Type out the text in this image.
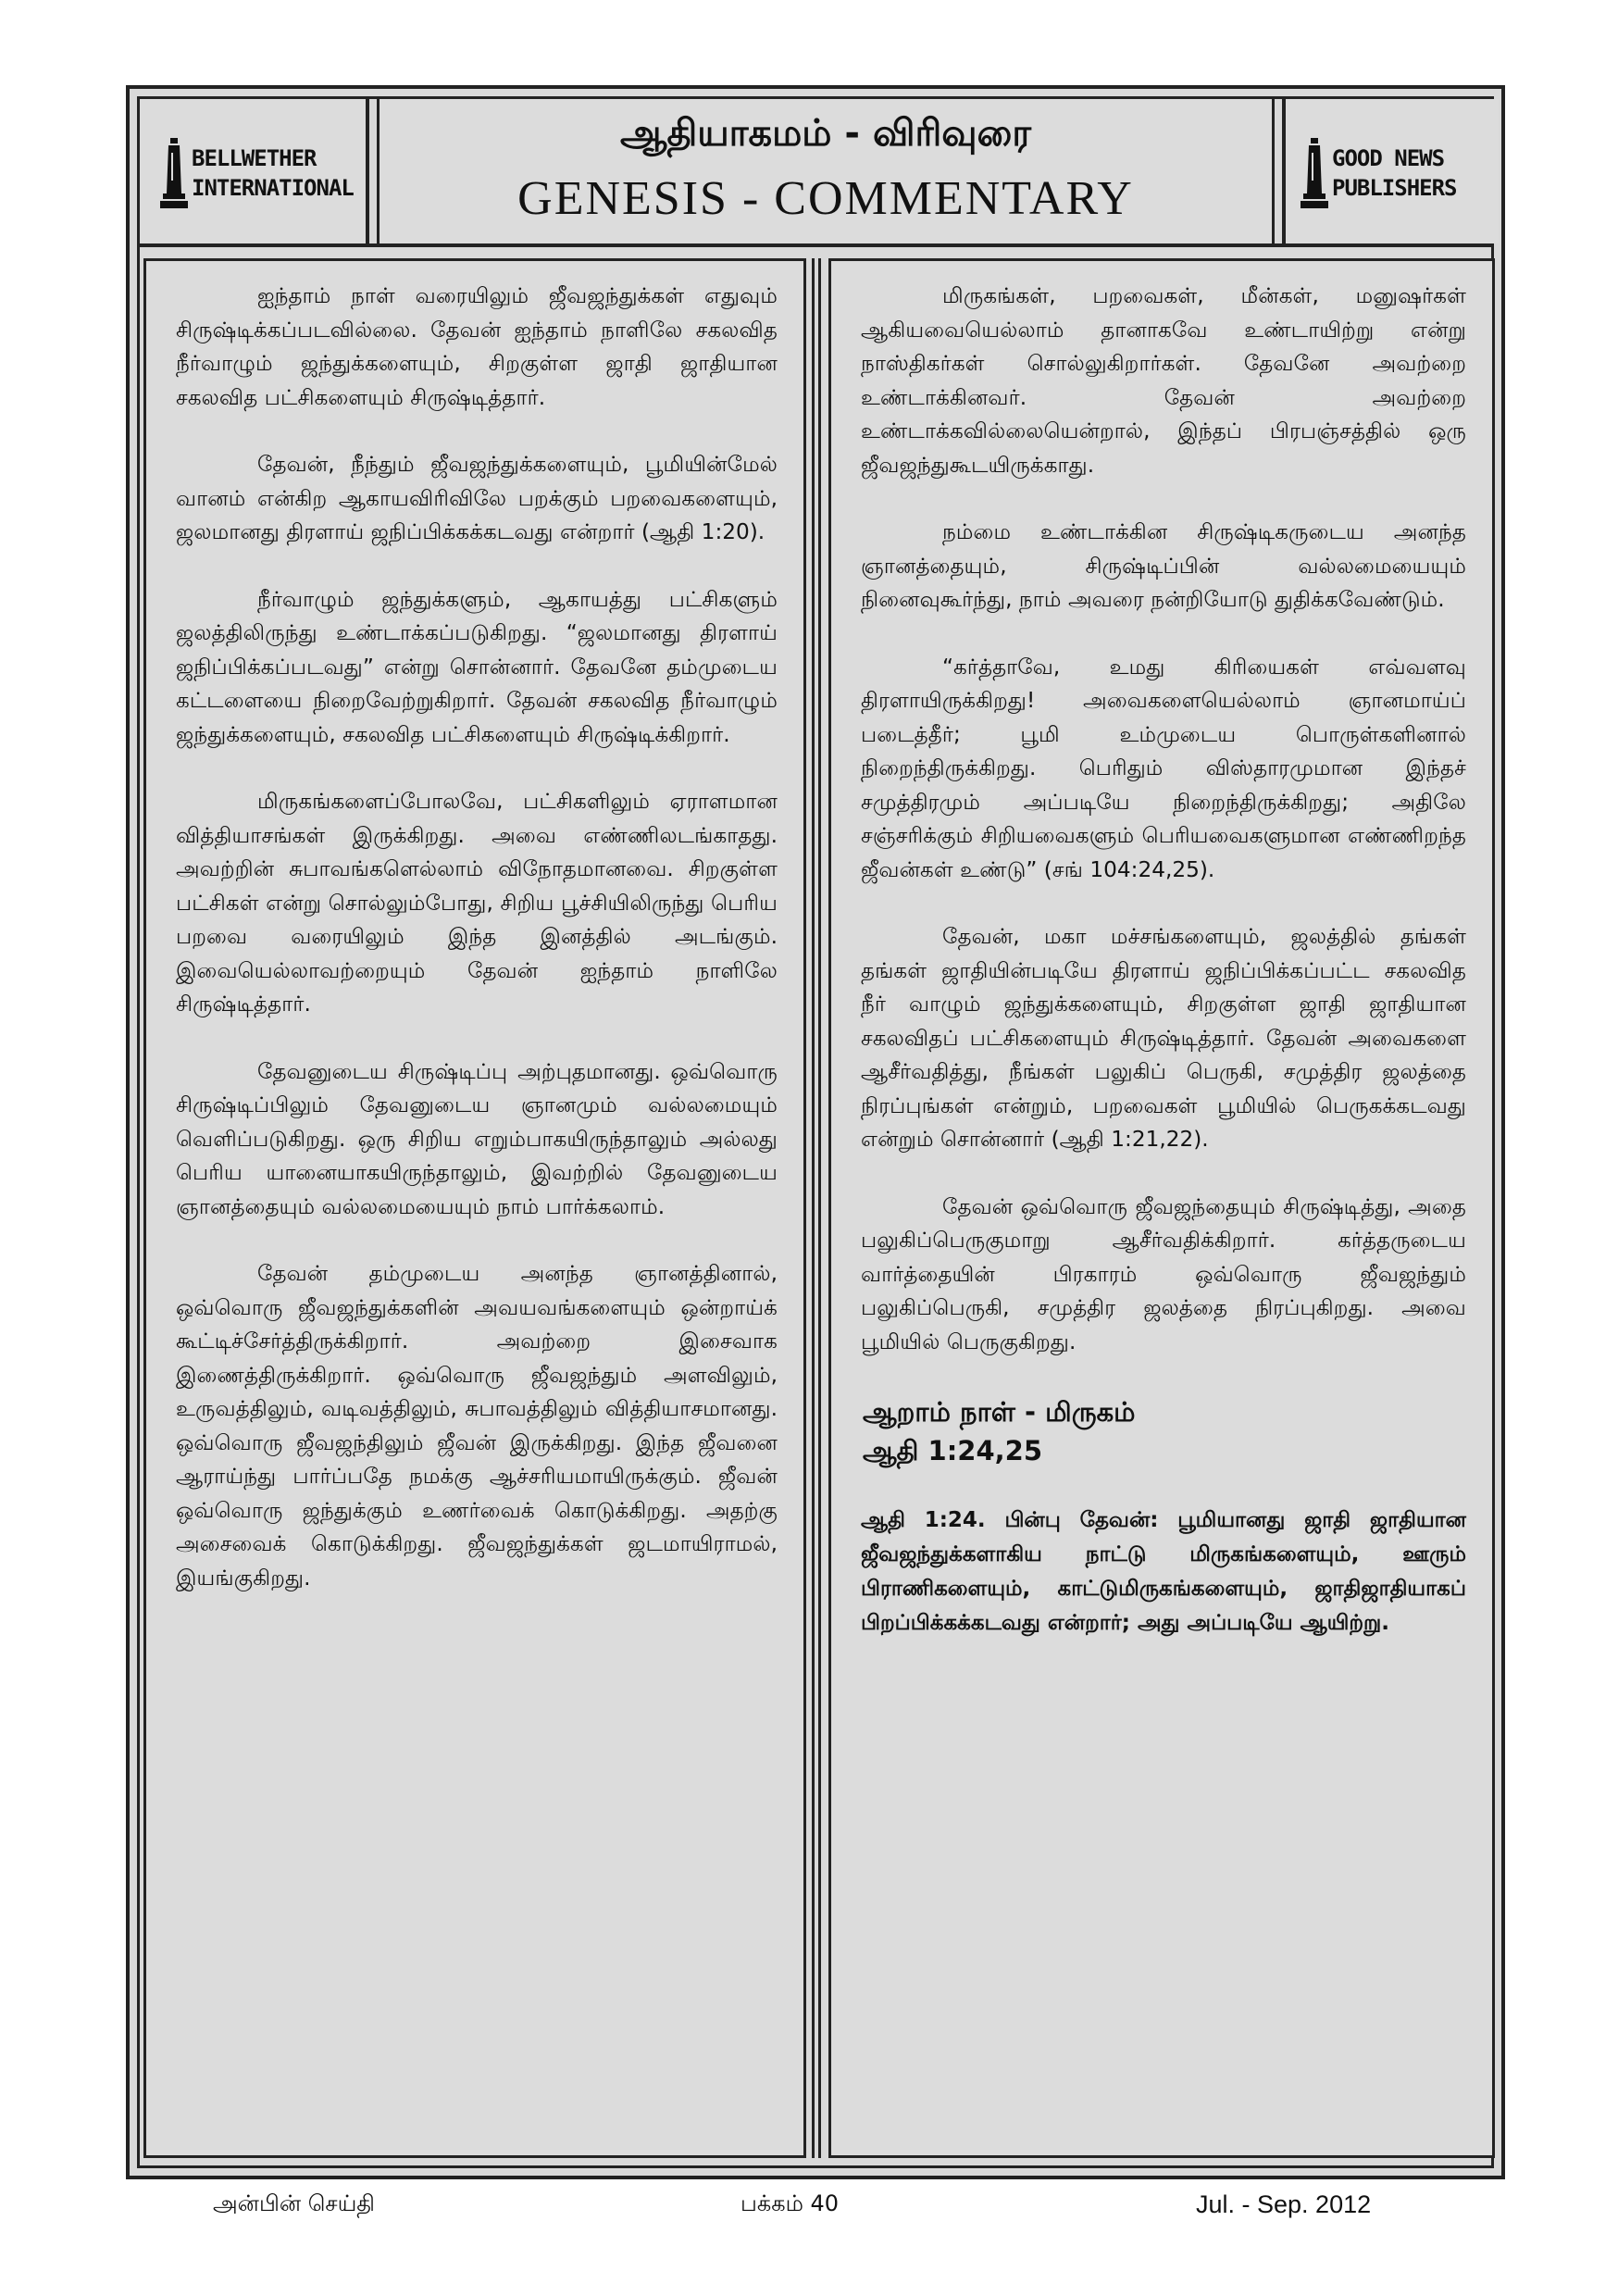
BELLWETHER
INTERNATIONAL
ஆதியாகமம் - விரிவுரை
GENESIS - COMMENTARY
GOOD NEWS
PUBLISHERS

ஐந்தாம் நாள் வரையிலும் ஜீவஜந்துக்கள் எதுவும் சிருஷ்டிக்கப்படவில்லை. தேவன் ஐந்தாம் நாளிலே சகலவித நீர்வாழும் ஜந்துக்களையும், சிறகுள்ள ஜாதி ஜாதியான சகலவித பட்சிகளையும் சிருஷ்டித்தார்.

தேவன், நீந்தும் ஜீவஜந்துக்களையும், பூமியின்மேல் வானம் என்கிற ஆகாயவிரிவிலே பறக்கும் பறவைகளையும், ஜலமானது திரளாய் ஜநிப்பிக்கக்கடவது என்றார் (ஆதி 1:20).

நீர்வாழும் ஜந்துக்களும், ஆகாயத்து பட்சிகளும் ஜலத்திலிருந்து உண்டாக்கப்படுகிறது. “ஜலமானது திரளாய் ஜநிப்பிக்கப்படவது” என்று சொன்னார். தேவனே தம்முடைய கட்டளையை நிறைவேற்றுகிறார். தேவன் சகலவித நீர்வாழும் ஜந்துக்களையும், சகலவித பட்சிகளையும் சிருஷ்டிக்கிறார்.

மிருகங்களைப்போலவே, பட்சிகளிலும் ஏராளமான வித்தியாசங்கள் இருக்கிறது. அவை எண்ணிலடங்காதது. அவற்றின் சுபாவங்களெல்லாம் விநோதமானவை. சிறகுள்ள பட்சிகள் என்று சொல்லும்போது, சிறிய பூச்சியிலிருந்து பெரிய பறவை வரையிலும் இந்த இனத்தில் அடங்கும். இவையெல்லாவற்றையும் தேவன் ஐந்தாம் நாளிலே சிருஷ்டித்தார்.

தேவனுடைய சிருஷ்டிப்பு அற்புதமானது. ஒவ்வொரு சிருஷ்டிப்பிலும் தேவனுடைய ஞானமும் வல்லமையும் வெளிப்படுகிறது. ஒரு சிறிய எறும்பாகயிருந்தாலும் அல்லது பெரிய யானையாகயிருந்தாலும், இவற்றில் தேவனுடைய ஞானத்தையும் வல்லமையையும் நாம் பார்க்கலாம்.

தேவன் தம்முடைய அனந்த ஞானத்தினால், ஒவ்வொரு ஜீவஜந்துக்களின் அவயவங்களையும் ஒன்றாய்க் கூட்டிச்சேர்த்திருக்கிறார். அவற்றை இசைவாக இணைத்திருக்கிறார். ஒவ்வொரு ஜீவஜந்தும் அளவிலும், உருவத்திலும், வடிவத்திலும், சுபாவத்திலும் வித்தியாசமானது. ஒவ்வொரு ஜீவஜந்திலும் ஜீவன் இருக்கிறது. இந்த ஜீவனை ஆராய்ந்து பார்ப்பதே நமக்கு ஆச்சரியமாயிருக்கும். ஜீவன் ஒவ்வொரு ஜந்துக்கும் உணர்வைக் கொடுக்கிறது. அதற்கு அசைவைக் கொடுக்கிறது. ஜீவஜந்துக்கள் ஜடமாயிராமல், இயங்குகிறது.

மிருகங்கள், பறவைகள், மீன்கள், மனுஷர்கள் ஆகியவையெல்லாம் தானாகவே உண்டாயிற்று என்று நாஸ்திகர்கள் சொல்லுகிறார்கள். தேவனே அவற்றை உண்டாக்கினவர். தேவன் அவற்றை உண்டாக்கவில்லையென்றால், இந்தப் பிரபஞ்சத்தில் ஒரு ஜீவஜந்துகூடயிருக்காது.

நம்மை உண்டாக்கின சிருஷ்டிகருடைய அனந்த ஞானத்தையும், சிருஷ்டிப்பின் வல்லமையையும் நினைவுகூர்ந்து, நாம் அவரை நன்றியோடு துதிக்கவேண்டும்.

“கர்த்தாவே, உமது கிரியைகள் எவ்வளவு திரளாயிருக்கிறது! அவைகளையெல்லாம் ஞானமாய்ப் படைத்தீர்; பூமி உம்முடைய பொருள்களினால் நிறைந்திருக்கிறது. பெரிதும் விஸ்தாரமுமான இந்தச் சமுத்திரமும் அப்படியே நிறைந்திருக்கிறது; அதிலே சஞ்சரிக்கும் சிறியவைகளும் பெரியவைகளுமான எண்ணிறந்த ஜீவன்கள் உண்டு” (சங் 104:24,25).

தேவன், மகா மச்சங்களையும், ஜலத்தில் தங்கள் தங்கள் ஜாதியின்படியே திரளாய் ஜநிப்பிக்கப்பட்ட சகலவித நீர் வாழும் ஜந்துக்களையும், சிறகுள்ள ஜாதி ஜாதியான சகலவிதப் பட்சிகளையும் சிருஷ்டித்தார். தேவன் அவைகளை ஆசீர்வதித்து, நீங்கள் பலுகிப் பெருகி, சமுத்திர ஜலத்தை நிரப்புங்கள் என்றும், பறவைகள் பூமியில் பெருகக்கடவது என்றும் சொன்னார் (ஆதி 1:21,22).

தேவன் ஒவ்வொரு ஜீவஜந்தையும் சிருஷ்டித்து, அதை பலுகிப்பெருகுமாறு ஆசீர்வதிக்கிறார். கர்த்தருடைய வார்த்தையின் பிரகாரம் ஒவ்வொரு ஜீவஜந்தும் பலுகிப்பெருகி, சமுத்திர ஜலத்தை நிரப்புகிறது. அவை பூமியில் பெருகுகிறது.

ஆறாம் நாள் - மிருகம்
ஆதி 1:24,25

ஆதி 1:24. பின்பு தேவன்: பூமியானது ஜாதி ஜாதியான ஜீவஜந்துக்களாகிய நாட்டு மிருகங்களையும், ஊரும் பிராணிகளையும், காட்டுமிருகங்களையும், ஜாதிஜாதியாகப் பிறப்பிக்கக்கடவது என்றார்; அது அப்படியே ஆயிற்று.

அன்பின் செய்தி	பக்கம் 40	Jul. - Sep. 2012
